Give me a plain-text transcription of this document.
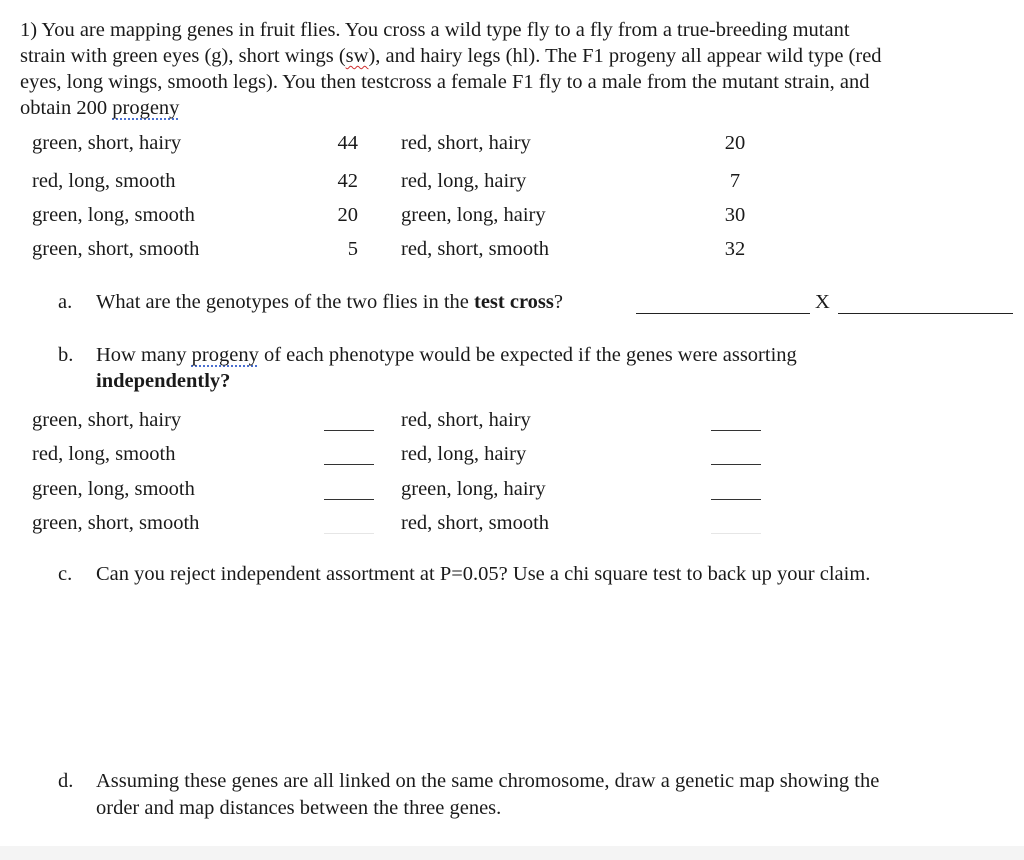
1) You are mapping genes in fruit flies. You cross a wild type fly to a fly from a true-breeding mutant

strain with green eyes (g), short wings (sw), and hairy legs (hl). The F1 progeny all appear wild type (red

eyes, long wings, smooth legs). You then testcross a female F1 fly to a male from the mutant strain, and

obtain 200 progeny

green, short, hairy	44 red, short, hairy	20
red, long, smooth	42 red, long, hairy	7
green, long, smooth	20 green, long, hairy	30
green, short, smooth	5 red, short, smooth	32
a. What are the genotypes of the two flies in the test cross?	X
b. How many progeny of each phenotype would be expected if the genes were assorting
independently?
green, short, hairy	red, short, hairy
red, long, smooth	red, long, hairy
green, long, smooth	green, long, hairy
green, short, smooth	red, short, smooth
c. Can you reject independent assortment at P=0.05? Use a chi square test to back up your claim.
d. Assuming these genes are all linked on the same chromosome, draw a genetic map showing the
order and map distances between the three genes.
